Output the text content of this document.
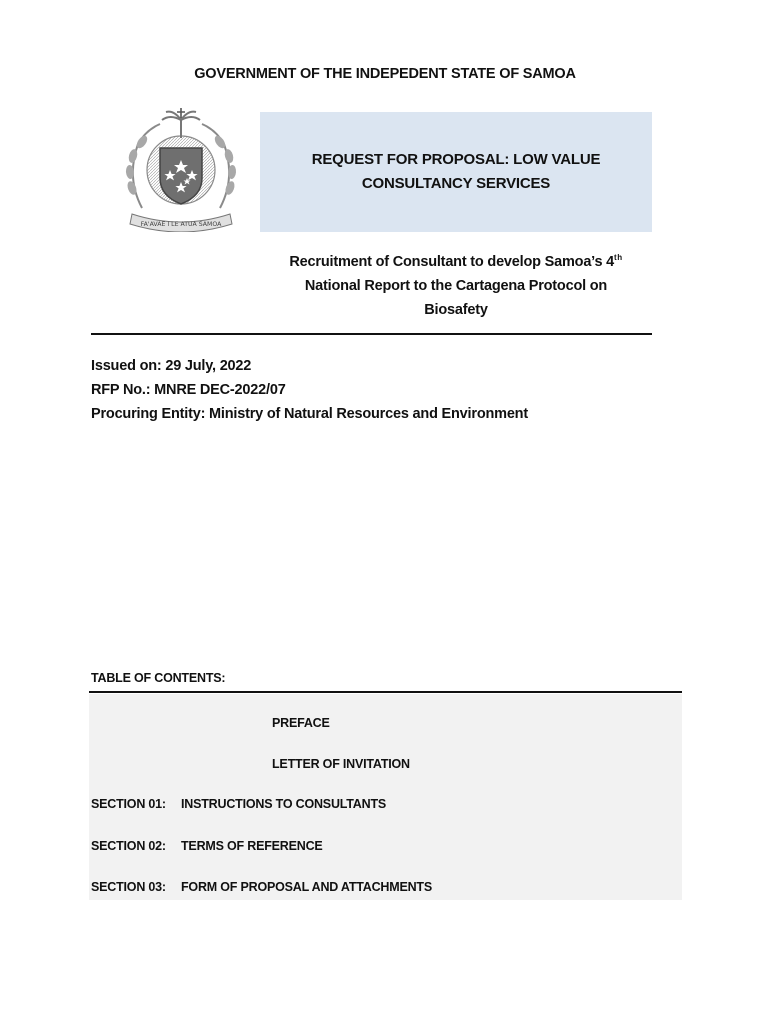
GOVERNMENT OF THE INDEPEDENT STATE OF SAMOA
FA'AVAE I LE ATUA SAMOA
REQUEST FOR PROPOSAL: LOW VALUE
CONSULTANCY SERVICES
Recruitment of Consultant to develop Samoa’s 4th
National Report to the Cartagena Protocol on
Biosafety
Issued on: 29 July, 2022
RFP No.: MNRE DEC-2022/07
Procuring Entity: Ministry of Natural Resources and Environment
TABLE OF CONTENTS:
PREFACE
LETTER OF INVITATION
SECTION 01: INSTRUCTIONS TO CONSULTANTS
SECTION 02: TERMS OF REFERENCE
SECTION 03: FORM OF PROPOSAL AND ATTACHMENTS
